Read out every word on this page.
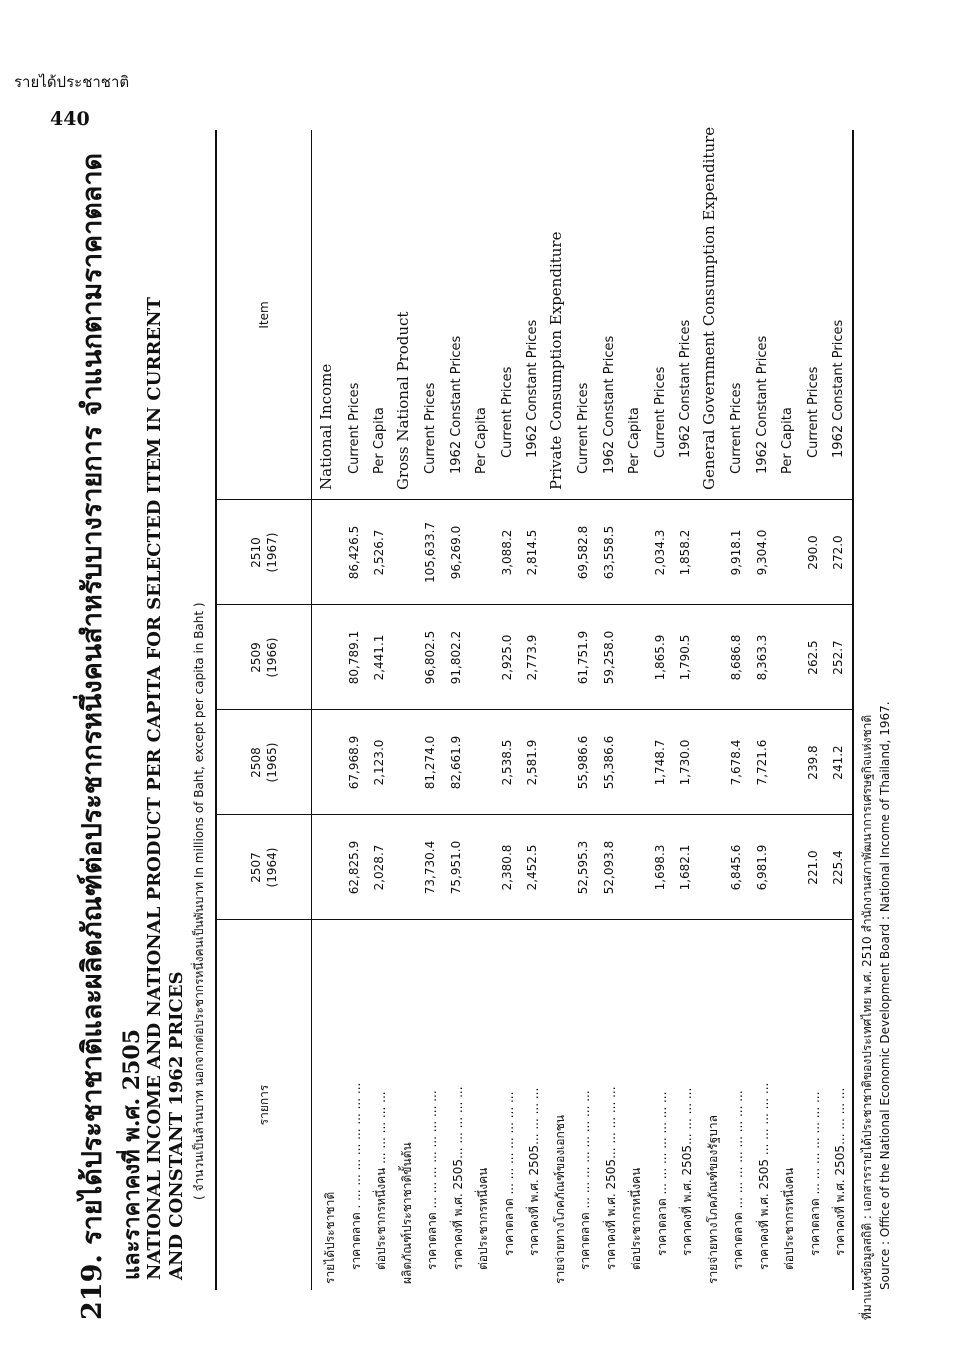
รายได้ประชาชาติ
440
219. รายได้ประชาชาติและผลิตภัณฑ์ต่อประชากรหนึ่งคนสำหรับบางรายการ จำแนกตามราคาตลาด และราคาคงที่ พ.ศ. 2505 NATIONAL INCOME AND NATIONAL PRODUCT PER CAPITA FOR SELECTED ITEM IN CURRENT AND CONSTANT 1962 PRICES ( จำนวนเป็นล้านบาท นอกจากต่อประชากรหนึ่งคนเป็นพันบาท In millions of Baht, except per capita in Baht )	รายการ
2507 (1964)
2508 (1965)
2509 (1966)
2510 (1967)
Item
รายได้ประชาชาติ
National Income
ราคาตลาด . ... ... ... ... ... ... ... ...
62,825.9
67,968.9
80,789.1
86,426.5
Current Prices
ต่อประชากรหนึ่งคน ... ... ... ... ...
2,028.7
2,123.0
2,441.1
2,526.7
Per Capita
ผลิตภัณฑ์ประชาชาติขั้นต้น
Gross National Product
ราคาตลาด ... ... ... ... ... ... ... ...
73,730.4
81,274.0
96,802.5
105,633.7
Current Prices
ราคาคงที่ พ.ศ. 2505... ... ... ... ...
75,951.0
82,661.9
91,802.2
96,269.0
1962 Constant Prices
ต่อประชากรหนึ่งคน
Per Capita
ราคาตลาด ... ... ... ... ... ... ...
2,380.8
2,538.5
2,925.0
3,088.2
Current Prices
ราคาคงที่ พ.ศ. 2505... ... ... ...
2,452.5
2,581.9
2,773.9
2,814.5
1962 Constant Prices
รายจ่ายทางโภคภัณฑ์ของเอกชน
Private Consumption Expenditure
ราคาตลาด ... ... ... ... ... ... ... ...
52,595.3
55,986.6
61,751.9
69,582.8
Current Prices
ราคาคงที่ พ.ศ. 2505... ... ... ... ...
52,093.8
55,386.6
59,258.0
63,558.5
1962 Constant Prices
ต่อประชากรหนึ่งคน
Per Capita
ราคาตลาด ... ... ... ... ... ... ...
1,698.3
1,748.7
1,865.9
2,034.3
Current Prices
ราคาคงที่ พ.ศ. 2505... ... ... ...
1,682.1
1,730.0
1,790.5
1,858.2
1962 Constant Prices
รายจ่ายทางโภคภัณฑ์ของรัฐบาล
General Government Consumption Expenditure
ราคาตลาด ... ... ... ... ... ... ... ...
6,845.6
7,678.4
8,686.8
9,918.1
Current Prices
ราคาคงที่ พ.ศ. 2505 ... ... ... ... ...
6,981.9
7,721.6
8,363.3
9,304.0
1962 Constant Prices
ต่อประชากรหนึ่งคน
Per Capita
ราคาตลาด ... ... ... ... ... ... ...
221.0
239.8
262.5
290.0
Current Prices
ราคาคงที่ พ.ศ. 2505... ... ... ...
225.4
241.2
252.7
272.0
1962 Constant Prices
ที่มาแห่งข้อมูลสถิติ : เอกสารรายได้ประชาชาติของประเทศไทย พ.ศ. 2510 สำนักงานสภาพัฒนาการเศรษฐกิจแห่งชาติ Source : Office of the National Economic Development Board : National Income of Thailand, 1967.
